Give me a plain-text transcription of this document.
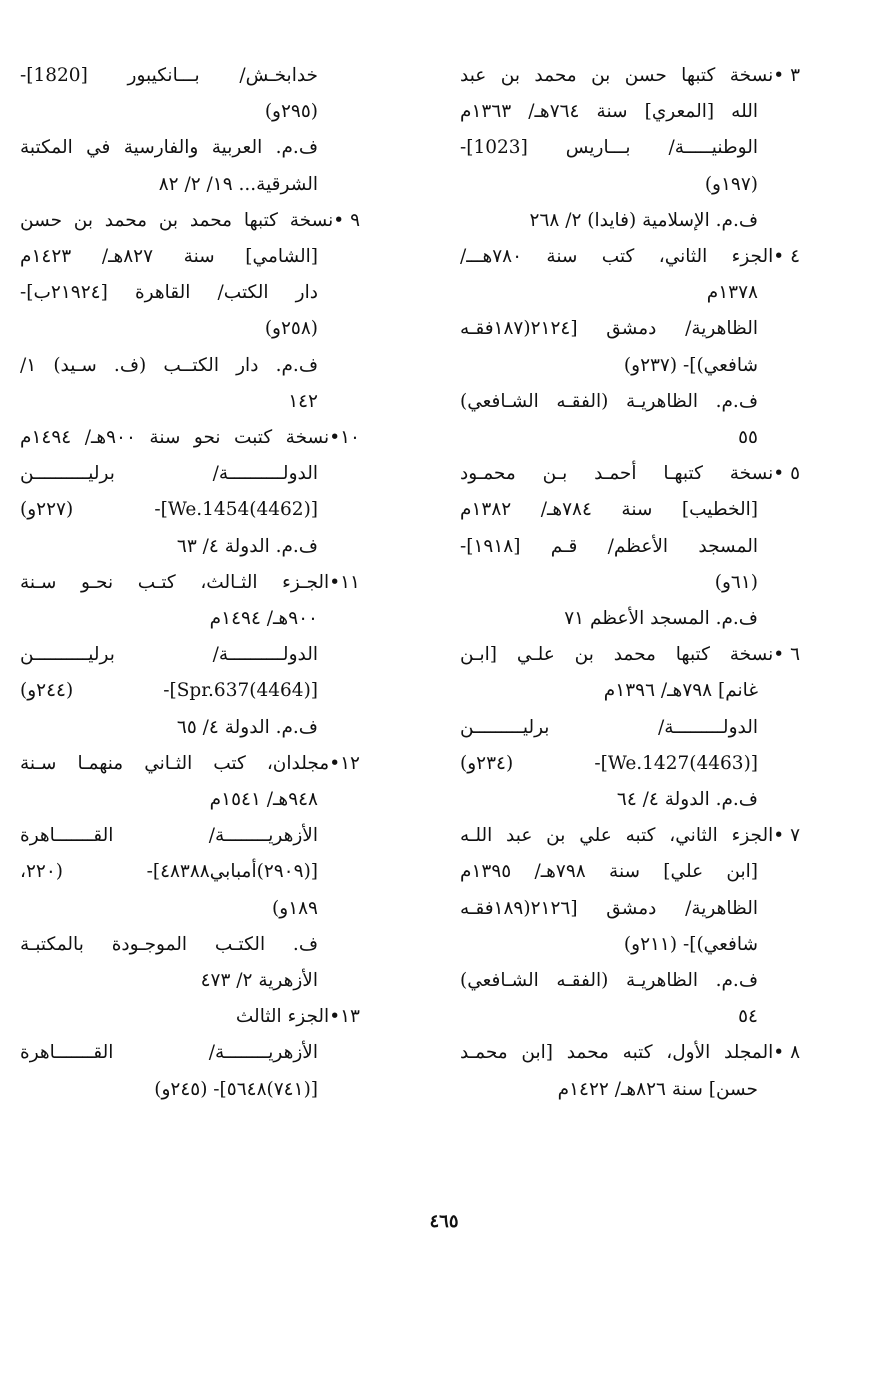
٣ •نسخة كتبها حسن بن محمد بن عبد
الله [المعري] سنة ٧٦٤هـ/ ١٣٦٣م
الوطنيـــــة/ بـــاريس [1023]-
(١٩٧و)
ف.م. الإسلامية (فايدا) ٢/ ٢٦٨
٤ •الجزء الثاني، كتب سنة ٧٨٠هـــ/
١٣٧٨م
الظاهرية/ دمشق [٢١٢٤(١٨٧فقـه
شافعي)]- (٢٣٧و)
ف.م. الظاهريـة (الفقـه الشـافعي)
٥٥
٥ •نسخة كتبهـا أحمـد بـن محمـود
[الخطيب] سنة ٧٨٤هـ/ ١٣٨٢م
المسجد الأعظم/ قـم [١٩١٨]-
(٦١و)
ف.م. المسجد الأعظم ٧١
٦ •نسخة كتبها محمد بن علـي [ابـن
غانم] ٧٩٨هـ/ ١٣٩٦م
الدولـــــــــة/ برليـــــــــن
[(4463)We.1427]- (٢٣٤و)
ف.م. الدولة ٤/ ٦٤
٧ •الجزء الثاني، كتبه علي بن عبد اللـه
[ابن علي] سنة ٧٩٨هـ/ ١٣٩٥م
الظاهرية/ دمشق [٢١٢٦(١٨٩فقـه
شافعي)]- (٢١١و)
ف.م. الظاهريـة (الفقـه الشـافعي)
٥٤
٨ •المجلد الأول، كتبه محمد [ابن محمـد
حسن] سنة ٨٢٦هـ/ ١٤٢٢م
خدابخـش/ بـــانكيبور [1820]-
(٢٩٥و)
ف.م. العربية والفارسية في المكتبة
الشرقية... ١٩/ ٢/ ٨٢
٩ •نسخة كتبها محمد بن محمد بن حسن
[الشامي] سنة ٨٢٧هـ/ ١٤٢٣م
دار الكتب/ القاهرة [٢١٩٢٤ب]-
(٢٥٨و)
ف.م. دار الكتــب (ف. سـيد) ١/
١٤٢
١٠•نسخة كتبت نحو سنة ٩٠٠هـ/ ١٤٩٤م
الدولــــــــــة/ برليــــــــــن
[(4462)We.1454]- (٢٢٧و)
ف.م. الدولة ٤/ ٦٣
١١•الجـزء الثـالث، كتـب نحـو سـنة
٩٠٠هـ/ ١٤٩٤م
الدولــــــــــة/ برليــــــــــن
[(4464)Spr.637]- (٢٤٤و)
ف.م. الدولة ٤/ ٦٥
١٢•مجلدان، كتب الثـاني منهمـا سـنة
٩٤٨هـ/ ١٥٤١م
الأزهريــــــــة/ القـــــــاهرة
[(٢٩٠٩)أمبابي٤٨٣٨٨]- (٢٢٠،
١٨٩و)
ف. الكتـب الموجـودة بالمكتبـة
الأزهرية ٢/ ٤٧٣
١٣•الجزء الثالث
الأزهريــــــــة/ القـــــــاهرة
[(٧٤١)٥٦٤٨]- (٢٤٥و)
٤٦٥
